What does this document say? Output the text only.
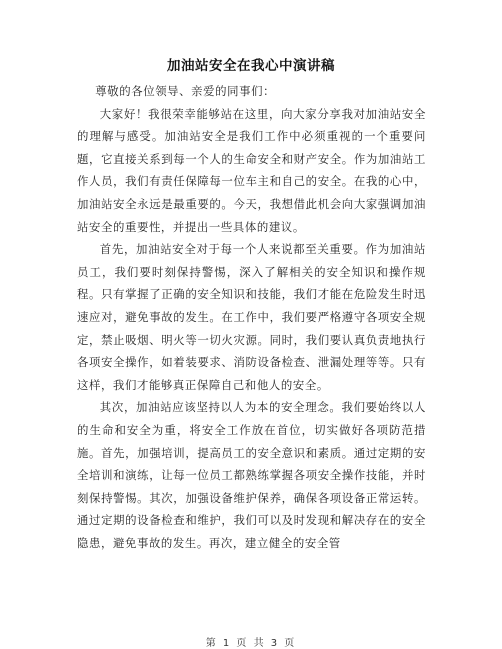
加油站安全在我心中演讲稿

尊敬的各位领导、亲爱的同事们：

大家好！我很荣幸能够站在这里，向大家分享我对加油站安全的理解与感受。加油站安全是我们工作中必须重视的一个重要问题，它直接关系到每一个人的生命安全和财产安全。作为加油站工作人员，我们有责任保障每一位车主和自己的安全。在我的心中，加油站安全永远是最重要的。今天，我想借此机会向大家强调加油站安全的重要性，并提出一些具体的建议。

首先，加油站安全对于每一个人来说都至关重要。作为加油站员工，我们要时刻保持警惕，深入了解相关的安全知识和操作规程。只有掌握了正确的安全知识和技能，我们才能在危险发生时迅速应对，避免事故的发生。在工作中，我们要严格遵守各项安全规定，禁止吸烟、明火等一切火灾源。同时，我们要认真负责地执行各项安全操作，如着装要求、消防设备检查、泄漏处理等等。只有这样，我们才能够真正保障自己和他人的安全。

其次，加油站应该坚持以人为本的安全理念。我们要始终以人的生命和安全为重，将安全工作放在首位，切实做好各项防范措施。首先，加强培训，提高员工的安全意识和素质。通过定期的安全培训和演练，让每一位员工都熟练掌握各项安全操作技能，并时刻保持警惕。其次，加强设备维护保养，确保各项设备正常运转。通过定期的设备检查和维护，我们可以及时发现和解决存在的安全隐患，避免事故的发生。再次，建立健全的安全管

第 1 页 共 3 页
